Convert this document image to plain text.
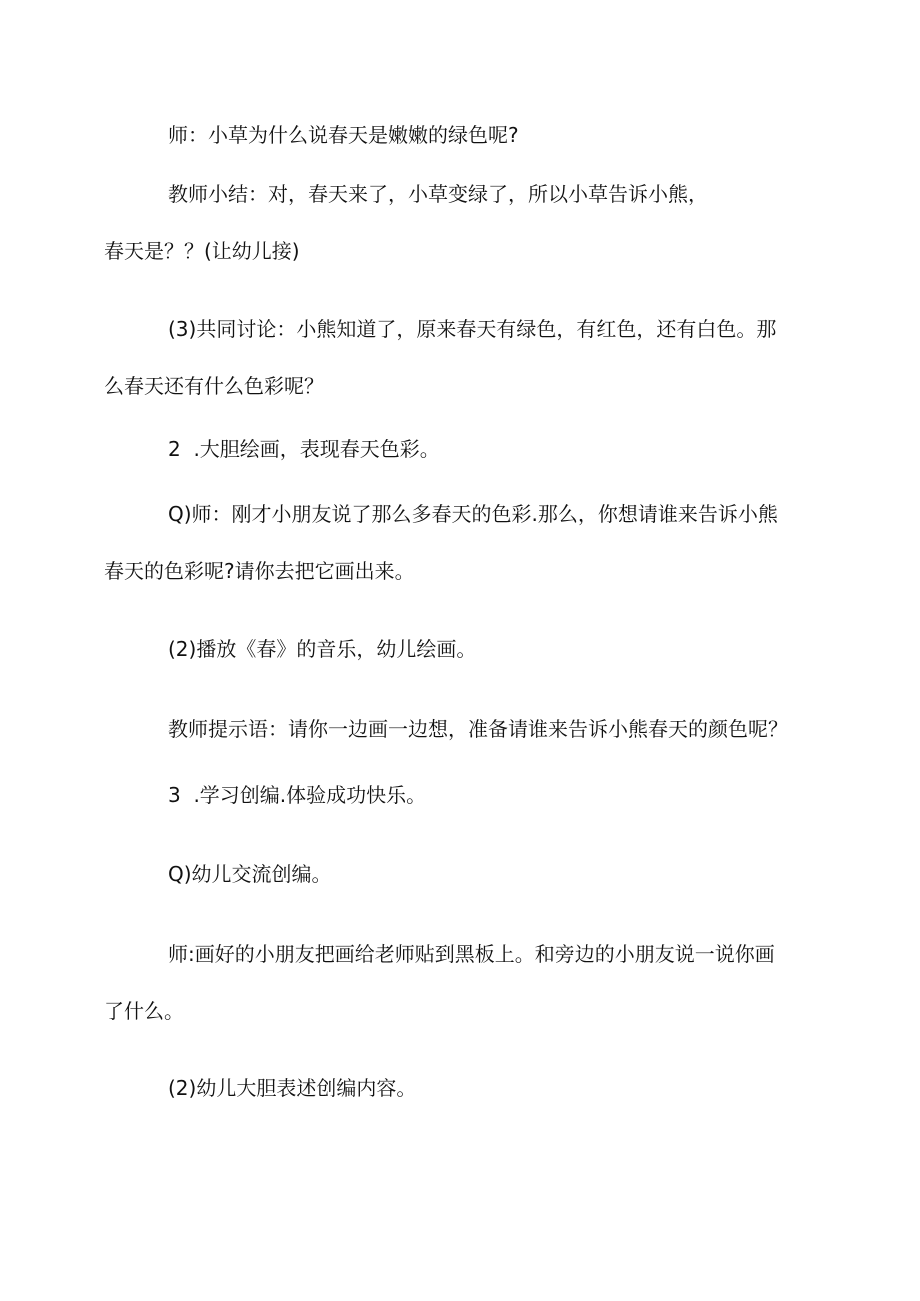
师：小草为什么说春天是嫩嫩的绿色呢?

教师小结：对，春天来了，小草变绿了，所以小草告诉小熊，
春天是？？(让幼儿接)

(3)共同讨论：小熊知道了，原来春天有绿色，有红色，还有白色。那
么春天还有什么色彩呢？

2  .大胆绘画，表现春天色彩。

Q)师：刚才小朋友说了那么多春天的色彩.那么，你想请谁来告诉小熊
春天的色彩呢?请你去把它画出来。

(2)播放《春》的音乐，幼儿绘画。

教师提示语：请你一边画一边想，准备请谁来告诉小熊春天的颜色呢？

3  .学习创编.体验成功快乐。

Q)幼儿交流创编。

师:画好的小朋友把画给老师贴到黑板上。和旁边的小朋友说一说你画
了什么。

(2)幼儿大胆表述创编内容。
